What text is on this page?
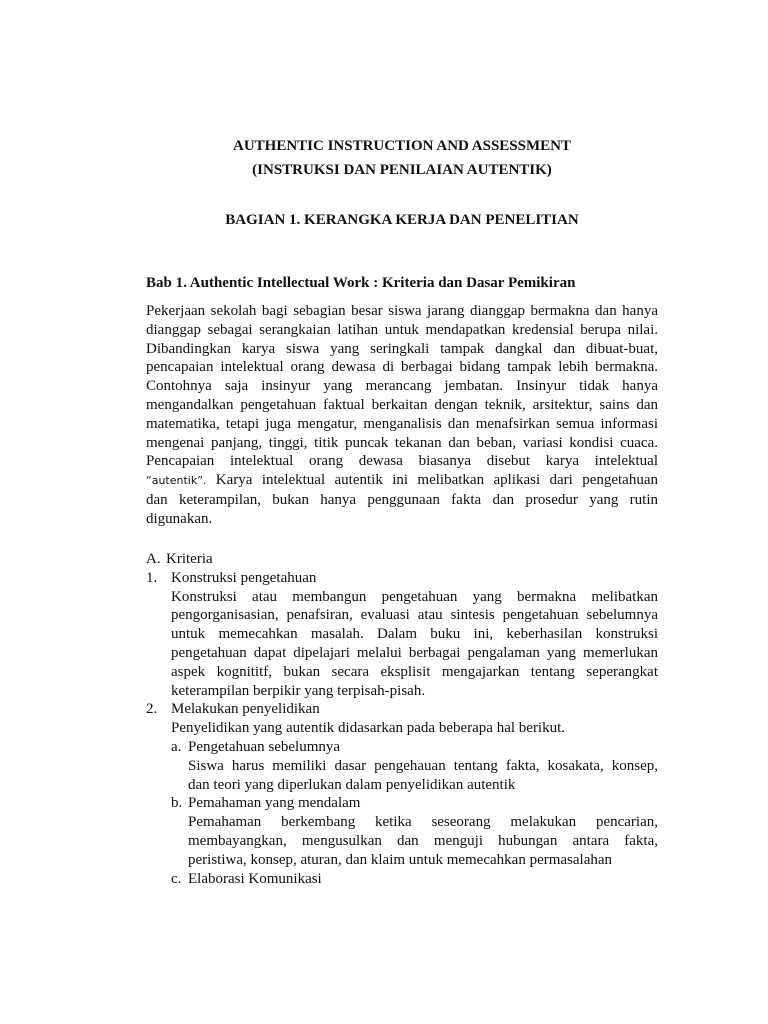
AUTHENTIC INSTRUCTION AND ASSESSMENT
(INSTRUKSI DAN PENILAIAN AUTENTIK)
BAGIAN 1. KERANGKA KERJA DAN PENELITIAN
Bab 1. Authentic Intellectual Work : Kriteria dan Dasar Pemikiran
Pekerjaan sekolah bagi sebagian besar siswa jarang dianggap bermakna dan hanya
dianggap sebagai serangkaian latihan untuk mendapatkan kredensial berupa nilai.
Dibandingkan karya siswa yang seringkali tampak dangkal dan dibuat-buat,
pencapaian intelektual orang dewasa di berbagai bidang tampak lebih bermakna.
Contohnya saja insinyur yang merancang jembatan. Insinyur tidak hanya
mengandalkan pengetahuan faktual berkaitan dengan teknik, arsitektur, sains dan
matematika, tetapi juga mengatur, menganalisis dan menafsirkan semua informasi
mengenai panjang, tinggi, titik puncak tekanan dan beban, variasi kondisi cuaca.
Pencapaian intelektual orang dewasa biasanya disebut karya intelektual
“autentik”. Karya intelektual autentik ini melibatkan aplikasi dari pengetahuan
dan keterampilan, bukan hanya penggunaan fakta dan prosedur yang rutin
digunakan.
A. Kriteria
1. Konstruksi pengetahuan
Konstruksi atau membangun pengetahuan yang bermakna melibatkan
pengorganisasian, penafsiran, evaluasi atau sintesis pengetahuan sebelumnya
untuk memecahkan masalah. Dalam buku ini, keberhasilan konstruksi
pengetahuan dapat dipelajari melalui berbagai pengalaman yang memerlukan
aspek kognititf, bukan secara eksplisit mengajarkan tentang seperangkat
keterampilan berpikir yang terpisah-pisah.
2. Melakukan penyelidikan
Penyelidikan yang autentik didasarkan pada beberapa hal berikut.
a. Pengetahuan sebelumnya
Siswa harus memiliki dasar pengehauan tentang fakta, kosakata, konsep,
dan teori yang diperlukan dalam penyelidikan autentik
b. Pemahaman yang mendalam
Pemahaman berkembang ketika seseorang melakukan pencarian,
membayangkan, mengusulkan dan menguji hubungan antara fakta,
peristiwa, konsep, aturan, dan klaim untuk memecahkan permasalahan
c. Elaborasi Komunikasi
